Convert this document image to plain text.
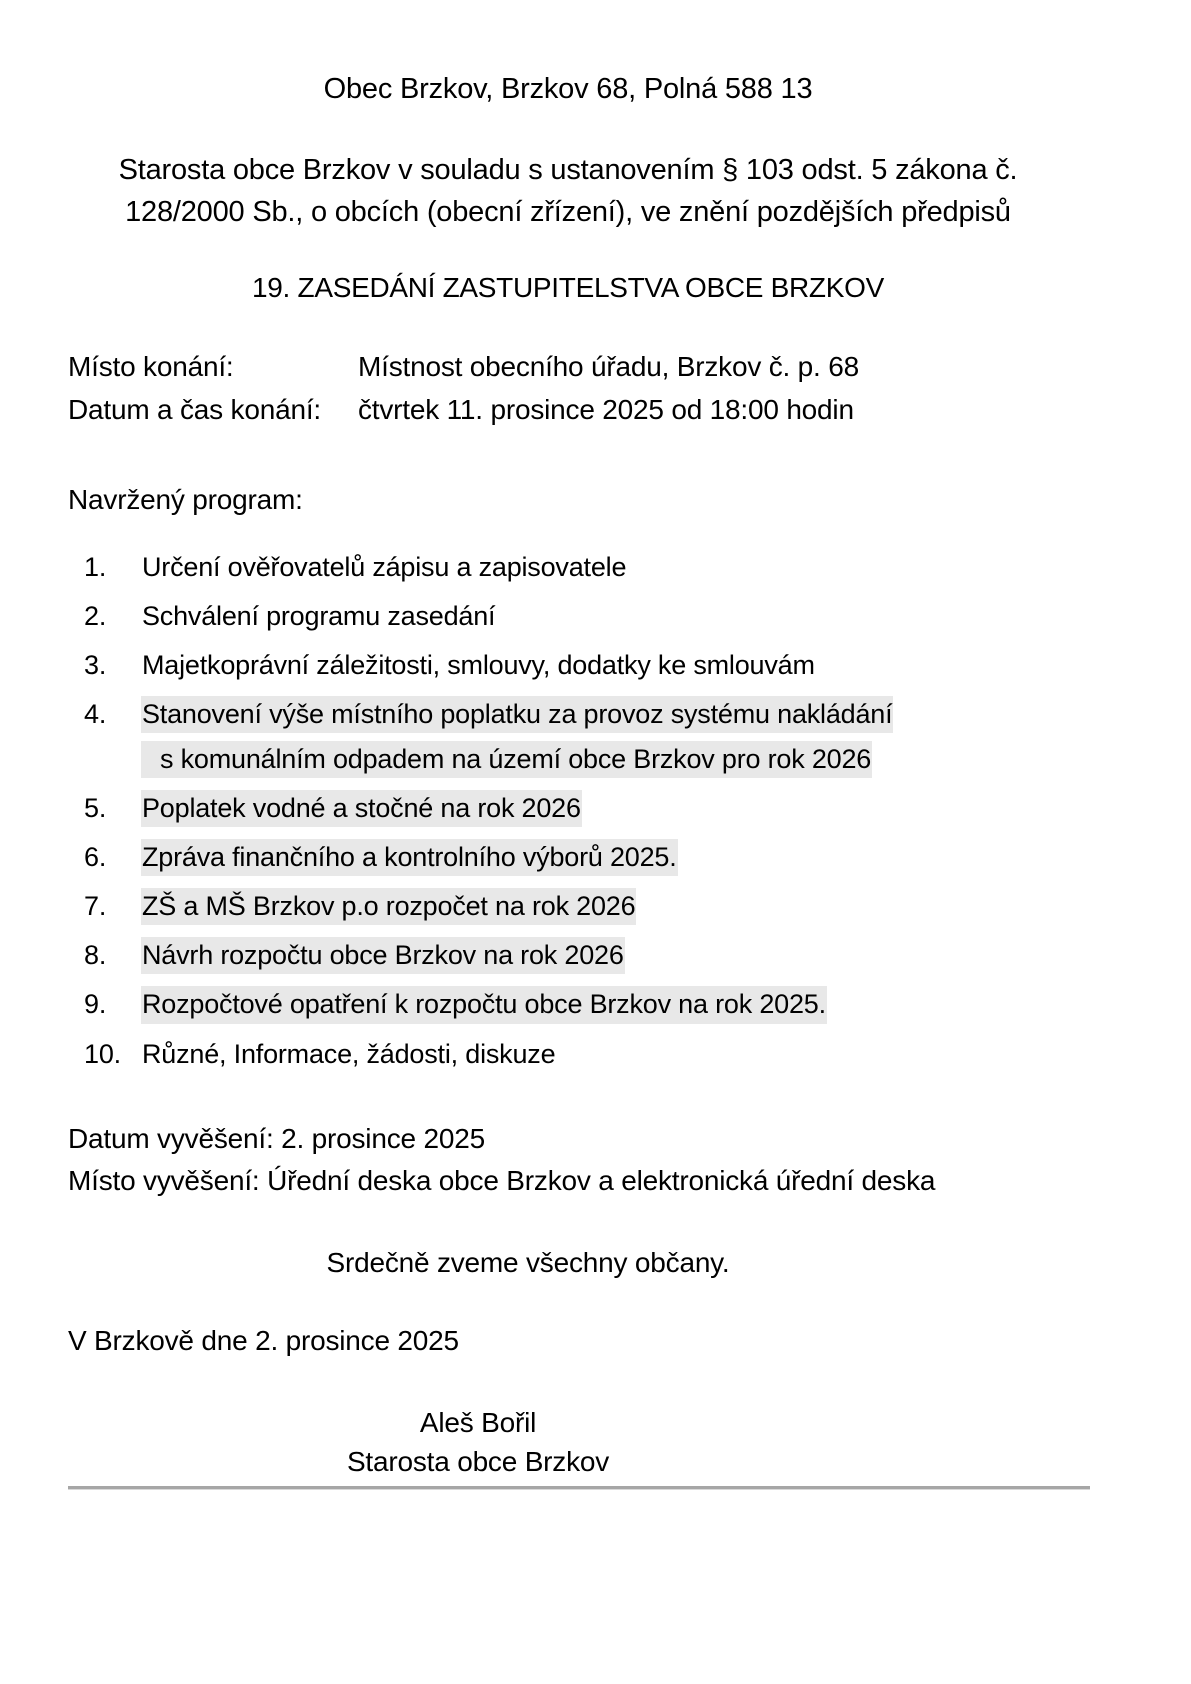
Obec Brzkov, Brzkov 68, Polná 588 13
Starosta obce Brzkov v souladu s ustanovením § 103 odst. 5 zákona č.
128/2000 Sb., o obcích (obecní zřízení), ve znění pozdějších předpisů
19. ZASEDÁNÍ ZASTUPITELSTVA OBCE BRZKOV
Místo konání:	Místnost obecního úřadu, Brzkov č. p. 68
Datum a čas konání:	čtvrtek 11. prosince 2025 od 18:00 hodin
Navržený program:
1.	Určení ověřovatelů zápisu a zapisovatele
2.	Schválení programu zasedání
3.	Majetkoprávní záležitosti, smlouvy, dodatky ke smlouvám
4.	Stanovení výše místního poplatku za provoz systému nakládání
s komunálním odpadem na území obce Brzkov pro rok 2026
5.	Poplatek vodné a stočné na rok 2026
6.	Zpráva finančního a kontrolního výborů 2025.
7.	ZŠ a MŠ Brzkov p.o rozpočet na rok 2026
8.	Návrh rozpočtu obce Brzkov na rok 2026
9.	Rozpočtové opatření k rozpočtu obce Brzkov na rok 2025.
10. Různé, Informace, žádosti, diskuze
Datum vyvěšení: 2. prosince 2025
Místo vyvěšení: Úřední deska obce Brzkov a elektronická úřední deska
Srdečně zveme všechny občany.
V Brzkově dne 2. prosince 2025
Aleš Bořil
Starosta obce Brzkov
